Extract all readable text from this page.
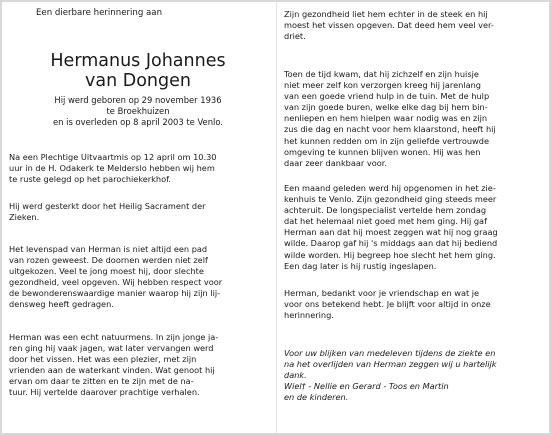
Een dierbare herinnering aan

Hermanus Johannes
van Dongen

Hij werd geboren op 29 november 1936

te Broekhuizen

en is overleden op 8 april 2003 te Venlo.

Na een Plechtige Uitvaartmis op 12 april om 10.30

uur in de H. Odakerk te Melderslo hebben wij hem

te ruste gelegd op het parochiekerkhof.

Hij werd gesterkt door het Heilig Sacrament der

Zieken.

Het levenspad van Herman is niet altijd een pad

van rozen geweest. De doornen werden niet zelf

uitgekozen. Veel te jong moest hij, door slechte

gezondheid, veel opgeven. Wij hebben respect voor

de bewonderenswaardige manier waarop hij zijn lij-

densweg heeft gedragen.

Herman was een echt natuurmens. In zijn jonge ja-

ren ging hij vaak jagen, wat later vervangen werd

door het vissen. Het was een plezier, met zijn

vrienden aan de waterkant vinden. Wat genoot hij

ervan om daar te zitten en te zijn met de na-

tuur. Hij vertelde daarover prachtige verhalen.

Zijn gezondheid liet hem echter in de steek en hij

moest het vissen opgeven. Dat deed hem veel ver-

driet.

Toen de tijd kwam, dat hij zichzelf en zijn huisje

niet meer zelf kon verzorgen kreeg hij jarenlang

van een goede vriend hulp in de tuin. Met de hulp

van zijn goede buren, welke elke dag bij hem bin-

nenliepen en hem hielpen waar nodig was en zijn

zus die dag en nacht voor hem klaarstond, heeft hij

het kunnen redden om in zijn geliefde vertrouwde

omgeving te kunnen blijven wonen. Hij was hen

daar zeer dankbaar voor.

Een maand geleden werd hij opgenomen in het zie-

kenhuis te Venlo. Zijn gezondheid ging steeds meer

achteruit. De longspecialist vertelde hem zondag

dat het helemaal niet goed met hem ging. Hij gaf

Herman aan dat hij moest zeggen wat hij nog graag

wilde. Daarop gaf hij 's middags aan dat hij bediend

wilde worden. Hij begreep hoe slecht het hem ging.

Een dag later is hij rustig ingeslapen.

Herman, bedankt voor je vriendschap en wat je

voor ons betekend hebt. Je blijft voor altijd in onze

herinnering.

Voor uw blijken van medeleven tijdens de ziekte en

na het overlijden van Herman zeggen wij u hartelijk

dank.

Wiel† - Nellie en Gerard - Toos en Martin

en de kinderen.
